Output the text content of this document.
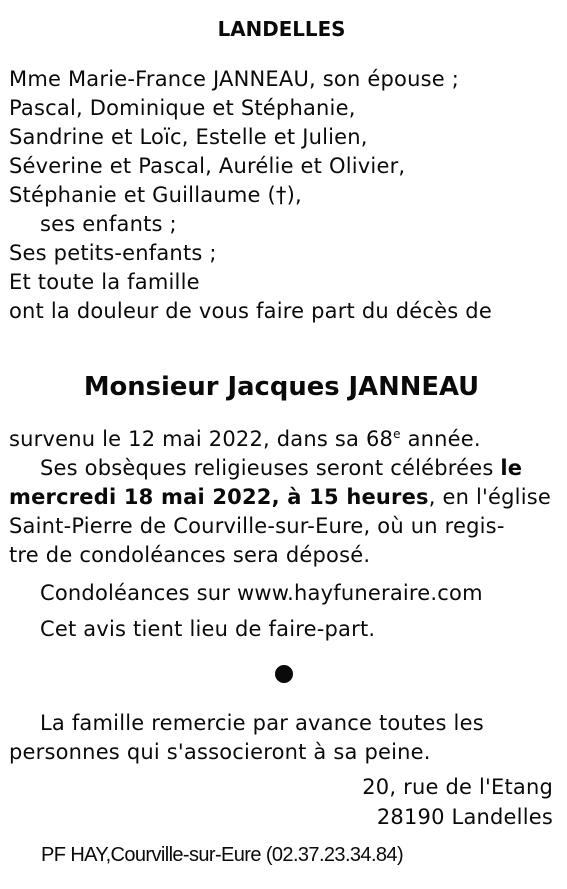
LANDELLES
Mme Marie-France JANNEAU, son épouse ;
Pascal, Dominique et Stéphanie,
Sandrine et Loïc, Estelle et Julien,
Séverine et Pascal, Aurélie et Olivier,
Stéphanie et Guillaume (†),
ses enfants ;
Ses petits-enfants ;
Et toute la famille
ont la douleur de vous faire part du décès de
Monsieur Jacques JANNEAU
survenu le 12 mai 2022, dans sa 68e année.
Ses obsèques religieuses seront célébrées le
mercredi 18 mai 2022, à 15 heures, en l'église
Saint-Pierre de Courville-sur-Eure, où un regis-
tre de condoléances sera déposé.
Condoléances sur www.hayfuneraire.com
Cet avis tient lieu de faire-part.
La famille remercie par avance toutes les
personnes qui s'associeront à sa peine.
20, rue de l'Etang
28190 Landelles
PF HAY,Courville-sur-Eure (02.37.23.34.84)
